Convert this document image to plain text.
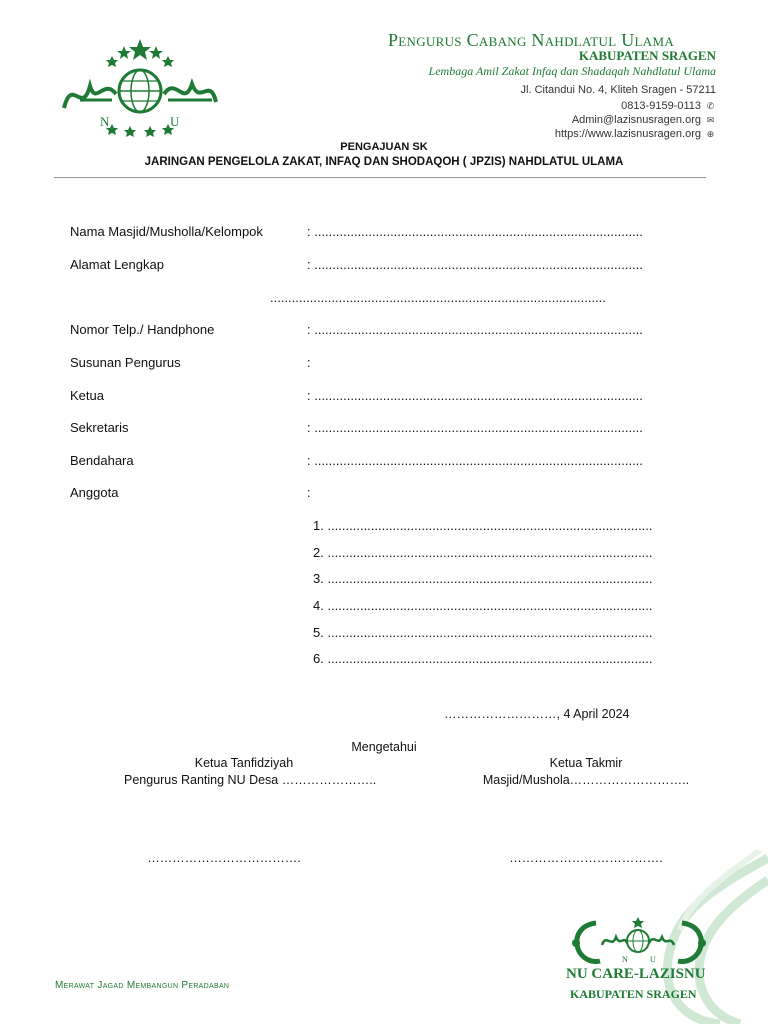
N	U
Pengurus Cabang Nahdlatul Ulama
KABUPATEN SRAGEN
Lembaga Amil Zakat Infaq dan Shadaqah Nahdlatul Ulama
Jl. Citandui No. 4, Kliteh Sragen - 57211
0813-9159-0113 ✆
Admin@lazisnusragen.org ✉
https://www.lazisnusragen.org ⊕
PENGAJUAN SK
JARINGAN PENGELOLA ZAKAT, INFAQ DAN SHODAQOH ( JPZIS) NAHDLATUL ULAMA
Nama Masjid/Musholla/Kelompok	: ...........................................................................................
Alamat Lengkap	: ...........................................................................................
.............................................................................................
Nomor Telp./ Handphone	: ...........................................................................................
Susunan Pengurus	:
Ketua	: ...........................................................................................
Sekretaris	: ...........................................................................................
Bendahara	: ...........................................................................................
Anggota	:
1. ..........................................................................................
2. ..........................................................................................
3. ..........................................................................................
4. ..........................................................................................
5. ..........................................................................................
6. ..........................................................................................
………………………, 4 April 2024
Mengetahui
Ketua Tanfidziyah
Pengurus Ranting NU Desa …………………..
Ketua Takmir
Masjid/Mushola………………………..
……………………………….	……………………………….
N	U
NU CARE-LAZISNU
KABUPATEN SRAGEN
Merawat Jagad Membangun Peradaban
